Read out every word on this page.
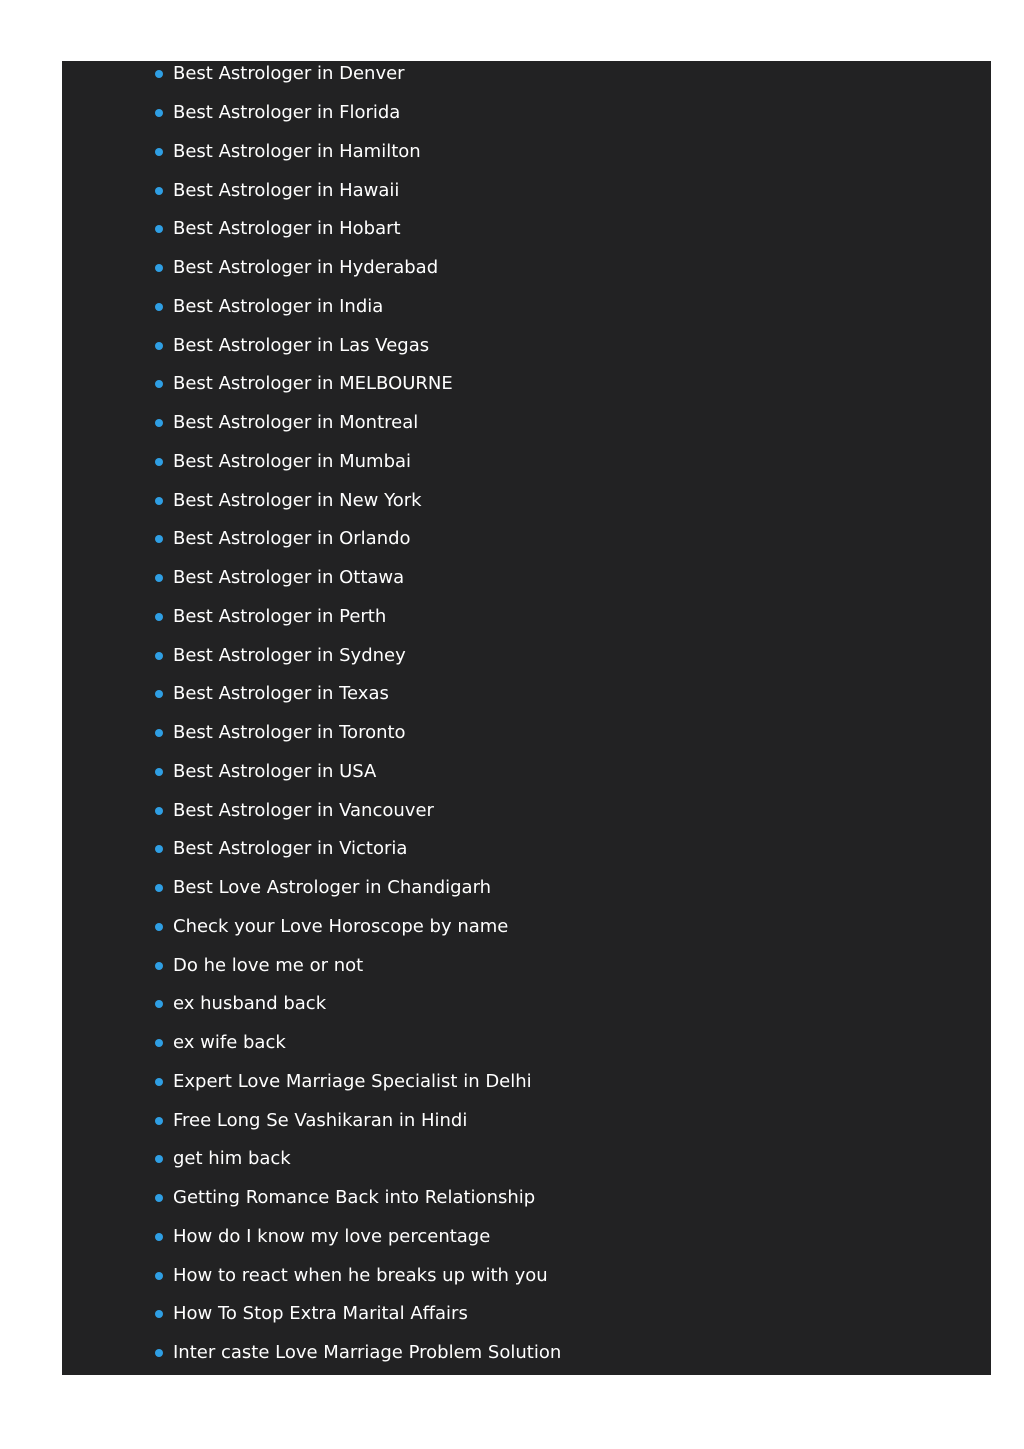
Best Astrologer in Denver
Best Astrologer in Florida
Best Astrologer in Hamilton
Best Astrologer in Hawaii
Best Astrologer in Hobart
Best Astrologer in Hyderabad
Best Astrologer in India
Best Astrologer in Las Vegas
Best Astrologer in MELBOURNE
Best Astrologer in Montreal
Best Astrologer in Mumbai
Best Astrologer in New York
Best Astrologer in Orlando
Best Astrologer in Ottawa
Best Astrologer in Perth
Best Astrologer in Sydney
Best Astrologer in Texas
Best Astrologer in Toronto
Best Astrologer in USA
Best Astrologer in Vancouver
Best Astrologer in Victoria
Best Love Astrologer in Chandigarh
Check your Love Horoscope by name
Do he love me or not
ex husband back
ex wife back
Expert Love Marriage Specialist in Delhi
Free Long Se Vashikaran in Hindi
get him back
Getting Romance Back into Relationship
How do I know my love percentage
How to react when he breaks up with you
How To Stop Extra Marital Affairs
Inter caste Love Marriage Problem Solution
